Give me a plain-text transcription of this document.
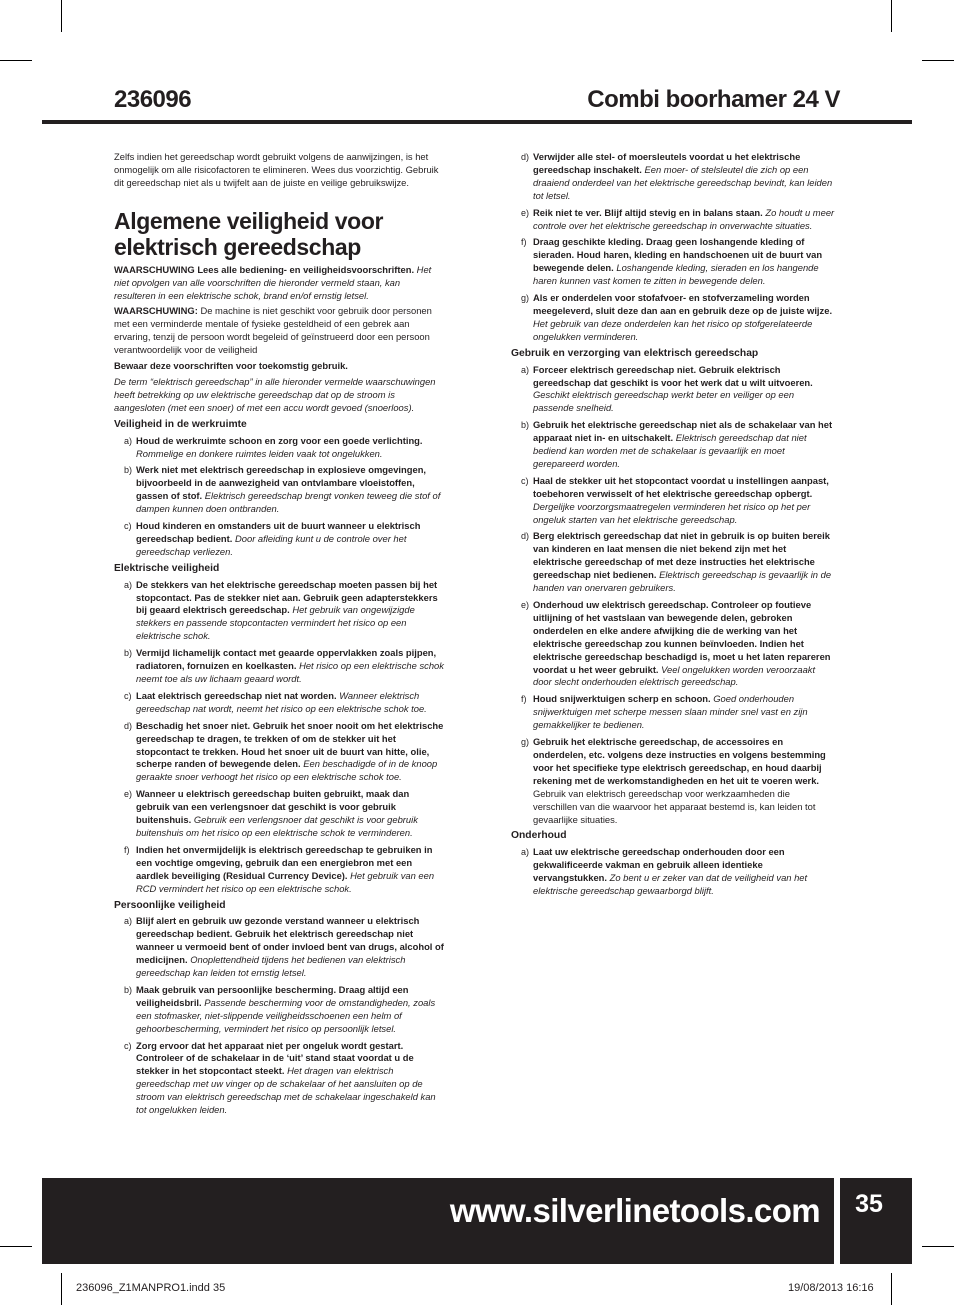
236096	Combi boorhamer 24 V

Zelfs indien het gereedschap wordt gebruikt volgens de aanwijzingen, is het onmogelijk om alle risicofactoren te elimineren. Wees dus voorzichtig. Gebruik dit gereedschap niet als u twijfelt aan de juiste en veilige gebruikswijze.

Algemene veiligheid voor elektrisch gereedschap

WAARSCHUWING Lees alle bediening- en veiligheidsvoorschriften. Het niet opvolgen van alle voorschriften die hieronder vermeld staan, kan resulteren in een elektrische schok, brand en/of ernstig letsel.

WAARSCHUWING: De machine is niet geschikt voor gebruik door personen met een verminderde mentale of fysieke gesteldheid of een gebrek aan ervaring, tenzij de persoon wordt begeleid of geïnstrueerd door een persoon verantwoordelijk voor de veiligheid

Bewaar deze voorschriften voor toekomstig gebruik.

De term “elektrisch gereedschap” in alle hieronder vermelde waarschuwingen heeft betrekking op uw elektrische gereedschap dat op de stroom is aangesloten (met een snoer) of met een accu wordt gevoed (snoerloos).

Veiligheid in de werkruimte
a) Houd de werkruimte schoon en zorg voor een goede verlichting. Rommelige en donkere ruimtes leiden vaak tot ongelukken.
b) Werk niet met elektrisch gereedschap in explosieve omgevingen, bijvoorbeeld in de aanwezigheid van ontvlambare vloeistoffen, gassen of stof. Elektrisch gereedschap brengt vonken teweeg die stof of dampen kunnen doen ontbranden.
c) Houd kinderen en omstanders uit de buurt wanneer u elektrisch gereedschap bedient. Door afleiding kunt u de controle over het gereedschap verliezen.
Elektrische veiligheid
a) De stekkers van het elektrische gereedschap moeten passen bij het stopcontact. Pas de stekker niet aan. Gebruik geen adapterstekkers bij geaard elektrisch gereedschap. Het gebruik van ongewijzigde stekkers en passende stopcontacten vermindert het risico op een elektrische schok.
b) Vermijd lichamelijk contact met geaarde oppervlakken zoals pijpen, radiatoren, fornuizen en koelkasten. Het risico op een elektrische schok neemt toe als uw lichaam geaard wordt.
c) Laat elektrisch gereedschap niet nat worden. Wanneer elektrisch gereedschap nat wordt, neemt het risico op een elektrische schok toe.
d) Beschadig het snoer niet. Gebruik het snoer nooit om het elektrische gereedschap te dragen, te trekken of om de stekker uit het stopcontact te trekken. Houd het snoer uit de buurt van hitte, olie, scherpe randen of bewegende delen. Een beschadigde of in de knoop geraakte snoer verhoogt het risico op een elektrische schok toe.
e) Wanneer u elektrisch gereedschap buiten gebruikt, maak dan gebruik van een verlengsnoer dat geschikt is voor gebruik buitenshuis. Gebruik een verlengsnoer dat geschikt is voor gebruik buitenshuis om het risico op een elektrische schok te verminderen.
f) Indien het onvermijdelijk is elektrisch gereedschap te gebruiken in een vochtige omgeving, gebruik dan een energiebron met een aardlek beveiliging (Residual Currency Device). Het gebruik van een RCD vermindert het risico op een elektrische schok.
Persoonlijke veiligheid
a) Blijf alert en gebruik uw gezonde verstand wanneer u elektrisch gereedschap bedient. Gebruik het elektrisch gereedschap niet wanneer u vermoeid bent of onder invloed bent van drugs, alcohol of medicijnen. Onoplettendheid tijdens het bedienen van elektrisch gereedschap kan leiden tot ernstig letsel.
b) Maak gebruik van persoonlijke bescherming. Draag altijd een veiligheidsbril. Passende bescherming voor de omstandigheden, zoals een stofmasker, niet-slippende veiligheidsschoenen een helm of gehoorbescherming, vermindert het risico op persoonlijk letsel.
c) Zorg ervoor dat het apparaat niet per ongeluk wordt gestart. Controleer of de schakelaar in de ‘uit’ stand staat voordat u de stekker in het stopcontact steekt. Het dragen van elektrisch gereedschap met uw vinger op de schakelaar of het aansluiten op de stroom van elektrisch gereedschap met de schakelaar ingeschakeld kan tot ongelukken leiden.
d) Verwijder alle stel- of moersleutels voordat u het elektrische gereedschap inschakelt. Een moer- of stelsleutel die zich op een draaiend onderdeel van het elektrische gereedschap bevindt, kan leiden tot letsel.
e) Reik niet te ver. Blijf altijd stevig en in balans staan. Zo houdt u meer controle over het elektrische gereedschap in onverwachte situaties.
f) Draag geschikte kleding. Draag geen loshangende kleding of sieraden. Houd haren, kleding en handschoenen uit de buurt van bewegende delen. Loshangende kleding, sieraden en los hangende haren kunnen vast komen te zitten in bewegende delen.
g) Als er onderdelen voor stofafvoer- en stofverzameling worden meegeleverd, sluit deze dan aan en gebruik deze op de juiste wijze. Het gebruik van deze onderdelen kan het risico op stofgerelateerde ongelukken verminderen.
Gebruik en verzorging van elektrisch gereedschap
a) Forceer elektrisch gereedschap niet. Gebruik elektrisch gereedschap dat geschikt is voor het werk dat u wilt uitvoeren. Geschikt elektrisch gereedschap werkt beter en veiliger op een passende snelheid.
b) Gebruik het elektrische gereedschap niet als de schakelaar van het apparaat niet in- en uitschakelt. Elektrisch gereedschap dat niet bediend kan worden met de schakelaar is gevaarlijk en moet gerepareerd worden.
c) Haal de stekker uit het stopcontact voordat u instellingen aanpast, toebehoren verwisselt of het elektrische gereedschap opbergt. Dergelijke voorzorgsmaatregelen verminderen het risico op het per ongeluk starten van het elektrische gereedschap.
d) Berg elektrisch gereedschap dat niet in gebruik is op buiten bereik van kinderen en laat mensen die niet bekend zijn met het elektrische gereedschap of met deze instructies het elektrische gereedschap niet bedienen. Elektrisch gereedschap is gevaarlijk in de handen van onervaren gebruikers.
e) Onderhoud uw elektrisch gereedschap. Controleer op foutieve uitlijning of het vastslaan van bewegende delen, gebroken onderdelen en elke andere afwijking die de werking van het elektrische gereedschap zou kunnen beïnvloeden. Indien het elektrische gereedschap beschadigd is, moet u het laten repareren voordat u het weer gebruikt. Veel ongelukken worden veroorzaakt door slecht onderhouden elektrisch gereedschap.
f) Houd snijwerktuigen scherp en schoon. Goed onderhouden snijwerktuigen met scherpe messen slaan minder snel vast en zijn gemakkelijker te bedienen.
g) Gebruik het elektrische gereedschap, de accessoires en onderdelen, etc. volgens deze instructies en volgens bestemming voor het specifieke type elektrisch gereedschap, en houd daarbij rekening met de werkomstandigheden en het uit te voeren werk. Gebruik van elektrisch gereedschap voor werkzaamheden die verschillen van die waarvoor het apparaat bestemd is, kan leiden tot gevaarlijke situaties.
Onderhoud
a) Laat uw elektrische gereedschap onderhouden door een gekwalificeerde vakman en gebruik alleen identieke vervangstukken. Zo bent u er zeker van dat de veiligheid van het elektrische gereedschap gewaarborgd blijft.
www.silverlinetools.com	35
236096_Z1MANPRO1.indd 35	19/08/2013 16:16
